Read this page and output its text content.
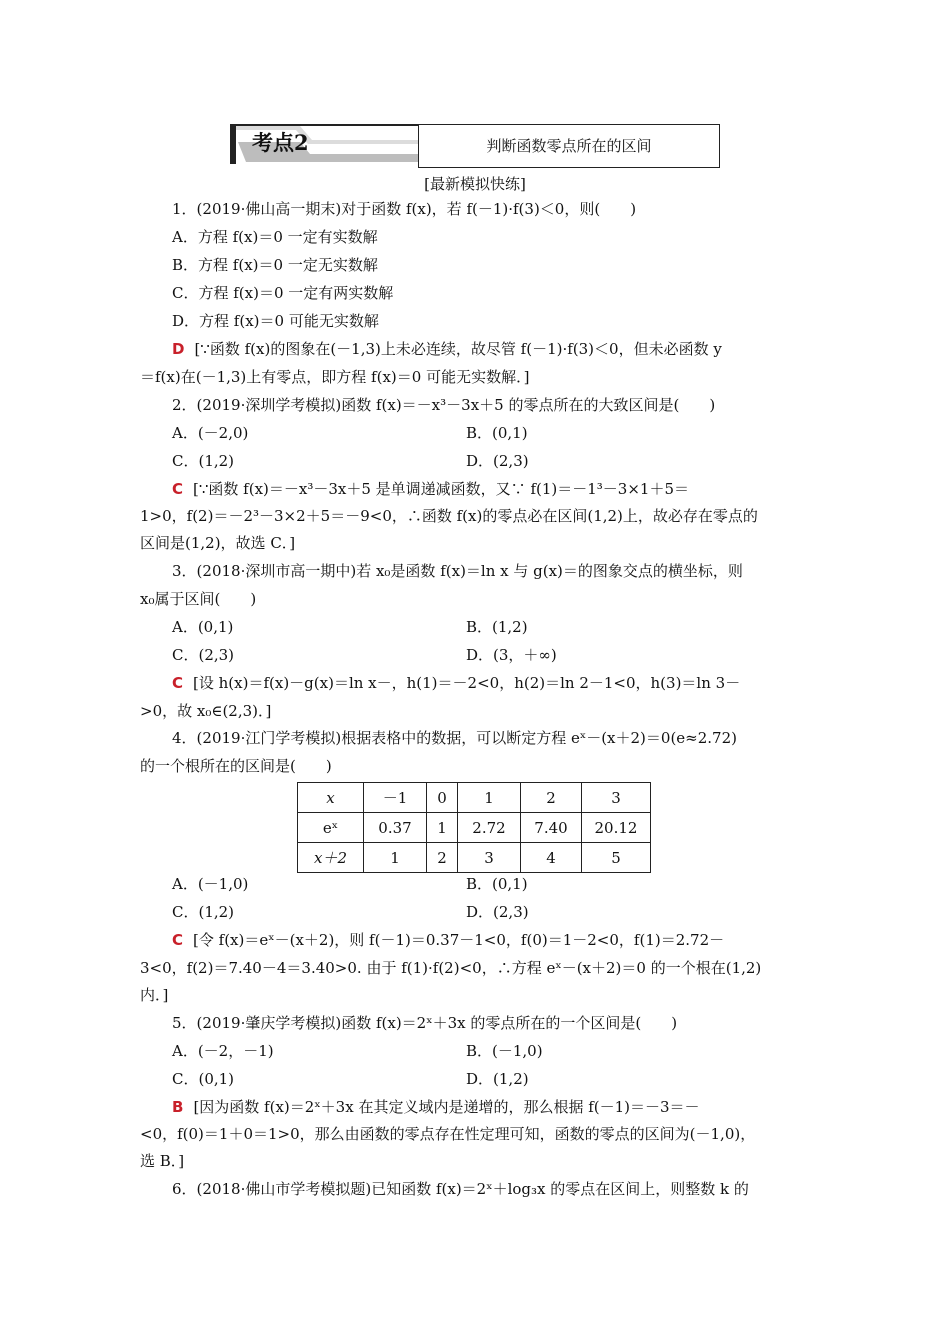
考点2	判断函数零点所在的区间
[最新模拟快练]
1．(2019·佛山高一期末)对于函数 f(x)，若 f(－1)·f(3)＜0，则(　　)
A．方程 f(x)＝0 一定有实数解
B．方程 f(x)＝0 一定无实数解
C．方程 f(x)＝0 一定有两实数解
D．方程 f(x)＝0 可能无实数解
D [∵函数 f(x)的图象在(－1,3)上未必连续，故尽管 f(－1)·f(3)＜0，但未必函数 y
＝f(x)在(－1,3)上有零点，即方程 f(x)＝0 可能无实数解．]
2．(2019·深圳学考模拟)函数 f(x)＝－x³－3x＋5 的零点所在的大致区间是(　　)
A．(－2,0)	B．(0,1)
C．(1,2)	D．(2,3)
C [∵函数 f(x)＝－x³－3x＋5 是单调递减函数，又∵ f(1)＝－1³－3×1＋5＝
1>0，f(2)＝－2³－3×2＋5＝－9<0，∴函数 f(x)的零点必在区间(1,2)上，故必存在零点的
区间是(1,2)，故选 C．]
3．(2018·深圳市高一期中)若 x₀是函数 f(x)＝ln x 与 g(x)＝的图象交点的横坐标，则
x₀属于区间(　　)
A．(0,1)	B．(1,2)
C．(2,3)	D．(3，＋∞)
C [设 h(x)＝f(x)－g(x)＝ln x－，h(1)＝－2<0，h(2)＝ln 2－1<0，h(3)＝ln 3－
>0，故 x₀∈(2,3)．]
4．(2019·江门学考模拟)根据表格中的数据，可以断定方程 eˣ－(x＋2)＝0(e≈2.72)
的一个根所在的区间是(　　)
x	－1	0	1	2	3
eˣ	0.37	1	2.72	7.40	20.12
x＋2	1	2	3	4	5
A．(－1,0)	B．(0,1)
C．(1,2)	D．(2,3)
C [令 f(x)＝eˣ－(x＋2)，则 f(－1)＝0.37－1<0，f(0)＝1－2<0，f(1)＝2.72－
3<0，f(2)＝7.40－4＝3.40>0. 由于 f(1)·f(2)<0，∴方程 eˣ－(x＋2)＝0 的一个根在(1,2)
内．]
5．(2019·肇庆学考模拟)函数 f(x)＝2ˣ＋3x 的零点所在的一个区间是(　　)
A．(－2，－1)	B．(－1,0)
C．(0,1)	D．(1,2)
B [因为函数 f(x)＝2ˣ＋3x 在其定义域内是递增的，那么根据 f(－1)＝－3＝－
<0，f(0)＝1＋0＝1>0，那么由函数的零点存在性定理可知，函数的零点的区间为(－1,0)，
选 B．]
6．(2018·佛山市学考模拟题)已知函数 f(x)＝2ˣ＋log₃x 的零点在区间上，则整数 k 的
